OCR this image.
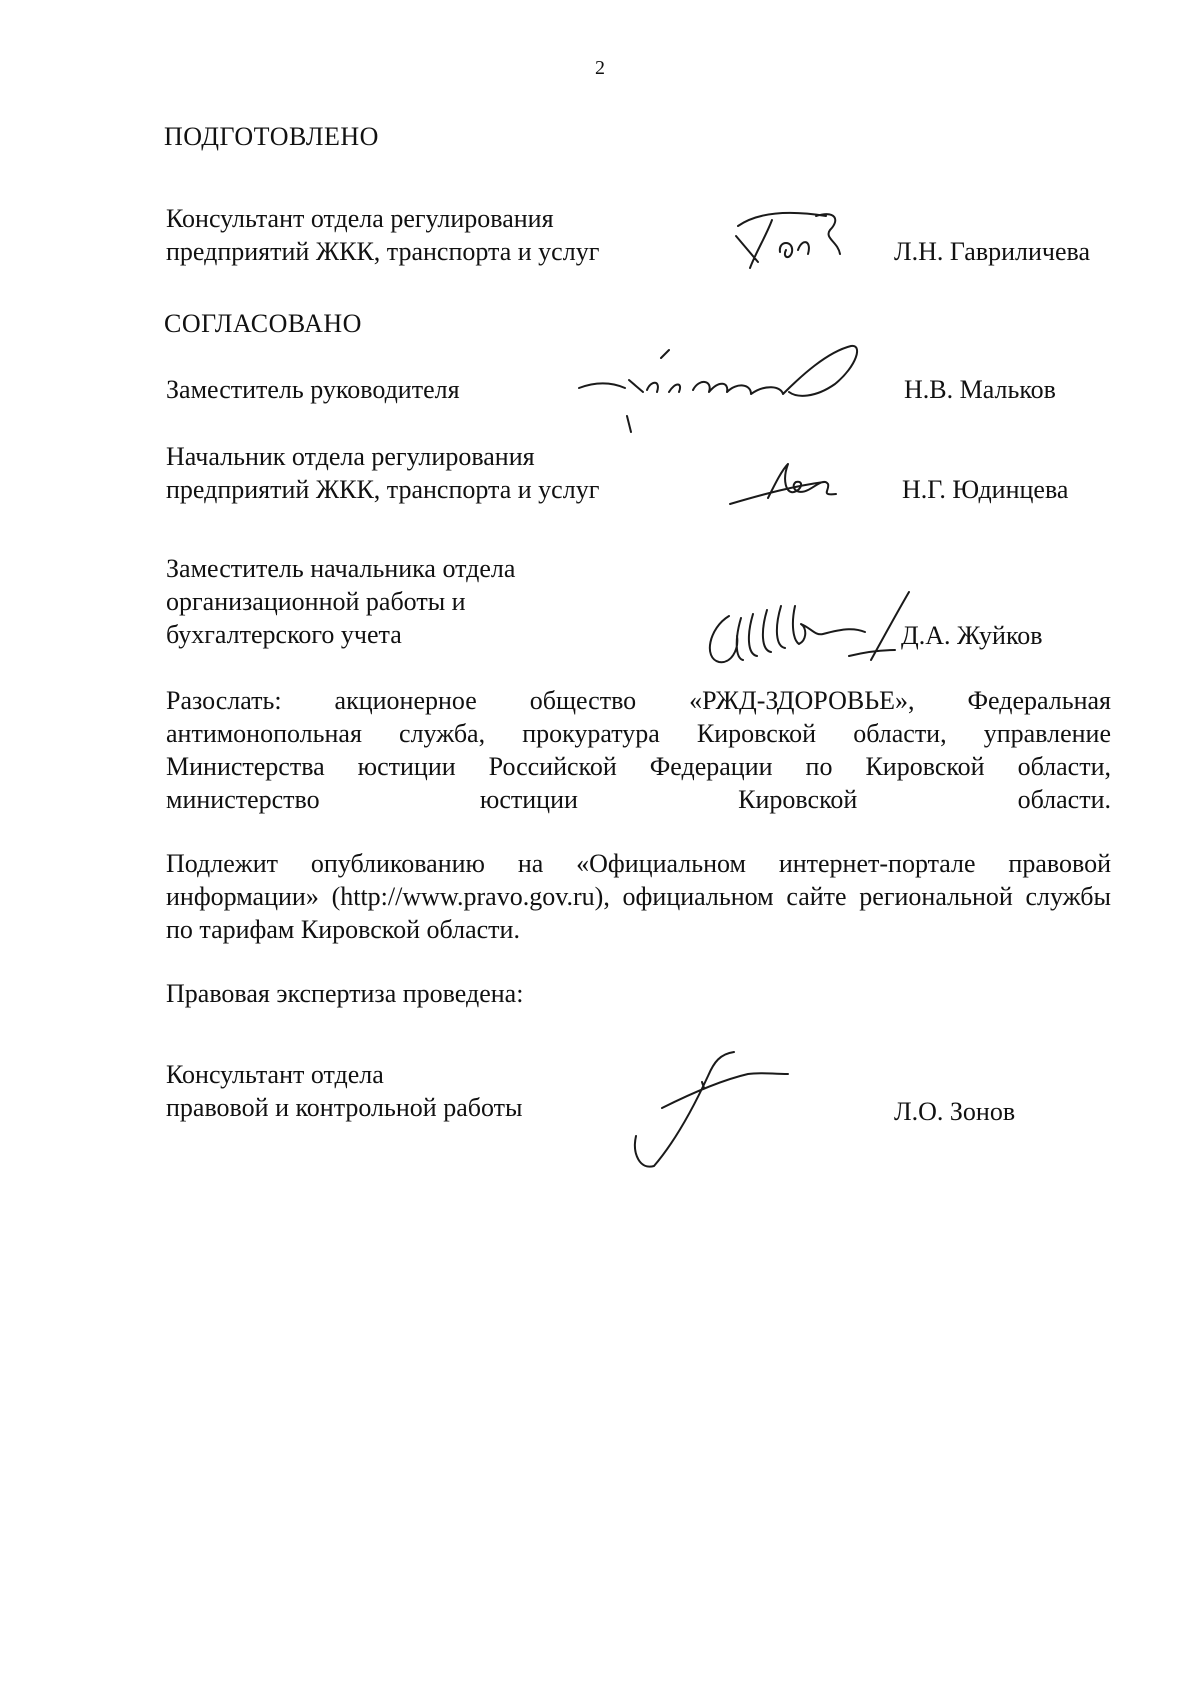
2
ПОДГОТОВЛЕНО
Консультант отдела регулирования
предприятий ЖКК, транспорта и услуг	Л.Н. Гавриличева
СОГЛАСОВАНО
Заместитель руководителя	Н.В. Мальков
Начальник отдела регулирования
предприятий ЖКК, транспорта и услуг	Н.Г. Юдинцева
Заместитель начальника отдела
организационной работы и
бухгалтерского учета	Д.А. Жуйков
Разослать: акционерное общество «РЖД-ЗДОРОВЬЕ», Федеральная антимонопольная служба, прокуратура Кировской области, управление Министерства юстиции Российской Федерации по Кировской области, министерство юстиции Кировской области.
Подлежит опубликованию на «Официальном интернет-портале правовой информации» (http://www.pravo.gov.ru), официальном сайте региональной службы по тарифам Кировской области.
Правовая экспертиза проведена:
Консультант отдела
правовой и контрольной работы	Л.О. Зонов
